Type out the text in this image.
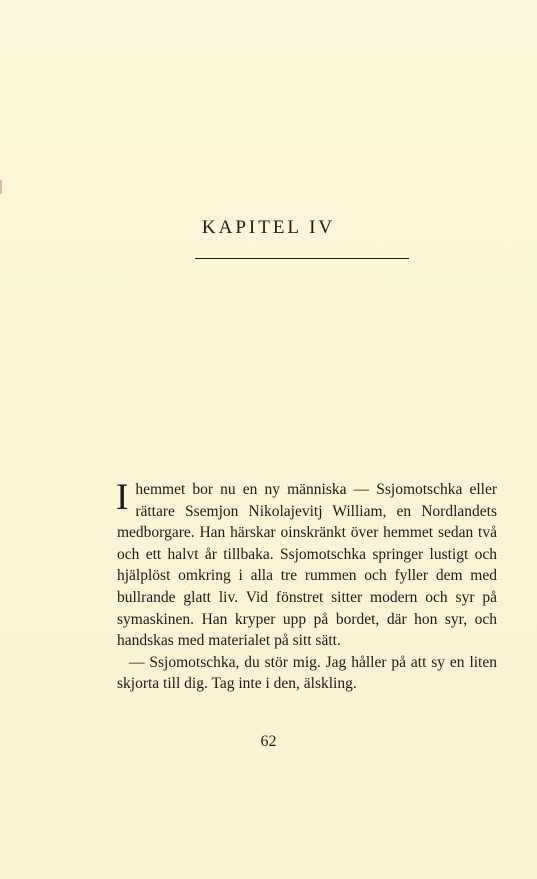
KAPITEL IV

Ihemmet bor nu en ny människa — Ssjomotschka eller rättare Ssemjon Nikolajevitj William, en Nordlandets medborgare. Han härskar oinskränkt över hemmet sedan två och ett halvt år tillbaka. Ssjomotschka springer lustigt och hjälplöst omkring i alla tre rummen och fyller dem med bullrande glatt liv. Vid fönstret sitter modern och syr på symaskinen. Han kryper upp på bordet, där hon syr, och handskas med materialet på sitt sätt.

— Ssjomotschka, du stör mig. Jag håller på att sy en liten skjorta till dig. Tag inte i den, älskling.

62
